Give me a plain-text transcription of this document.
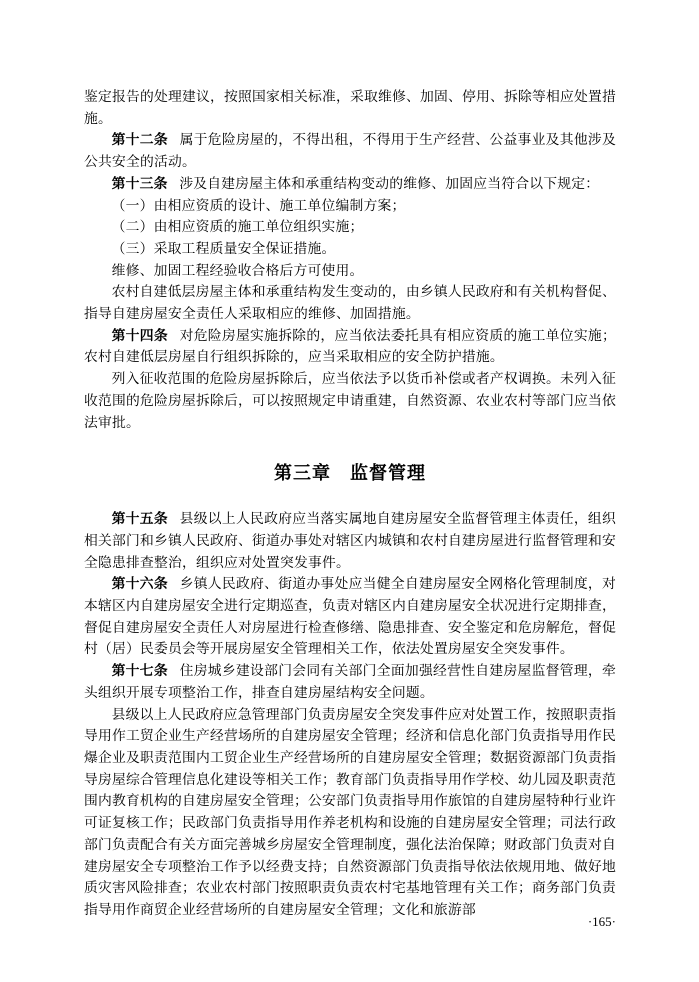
鉴定报告的处理建议，按照国家相关标准，采取维修、加固、停用、拆除等相应处置措施。

第十二条 属于危险房屋的，不得出租，不得用于生产经营、公益事业及其他涉及公共安全的活动。

第十三条 涉及自建房屋主体和承重结构变动的维修、加固应当符合以下规定：

（一）由相应资质的设计、施工单位编制方案；

（二）由相应资质的施工单位组织实施；

（三）采取工程质量安全保证措施。

维修、加固工程经验收合格后方可使用。

农村自建低层房屋主体和承重结构发生变动的，由乡镇人民政府和有关机构督促、指导自建房屋安全责任人采取相应的维修、加固措施。

第十四条 对危险房屋实施拆除的，应当依法委托具有相应资质的施工单位实施；农村自建低层房屋自行组织拆除的，应当采取相应的安全防护措施。

列入征收范围的危险房屋拆除后，应当依法予以货币补偿或者产权调换。未列入征收范围的危险房屋拆除后，可以按照规定申请重建，自然资源、农业农村等部门应当依法审批。

第三章　监督管理

第十五条 县级以上人民政府应当落实属地自建房屋安全监督管理主体责任，组织相关部门和乡镇人民政府、街道办事处对辖区内城镇和农村自建房屋进行监督管理和安全隐患排查整治，组织应对处置突发事件。

第十六条 乡镇人民政府、街道办事处应当健全自建房屋安全网格化管理制度，对本辖区内自建房屋安全进行定期巡查，负责对辖区内自建房屋安全状况进行定期排查，督促自建房屋安全责任人对房屋进行检查修缮、隐患排查、安全鉴定和危房解危，督促村（居）民委员会等开展房屋安全管理相关工作，依法处置房屋安全突发事件。

第十七条 住房城乡建设部门会同有关部门全面加强经营性自建房屋监督管理，牵头组织开展专项整治工作，排查自建房屋结构安全问题。

县级以上人民政府应急管理部门负责房屋安全突发事件应对处置工作，按照职责指导用作工贸企业生产经营场所的自建房屋安全管理；经济和信息化部门负责指导用作民爆企业及职责范围内工贸企业生产经营场所的自建房屋安全管理；数据资源部门负责指导房屋综合管理信息化建设等相关工作；教育部门负责指导用作学校、幼儿园及职责范围内教育机构的自建房屋安全管理；公安部门负责指导用作旅馆的自建房屋特种行业许可证复核工作；民政部门负责指导用作养老机构和设施的自建房屋安全管理；司法行政部门负责配合有关方面完善城乡房屋安全管理制度，强化法治保障；财政部门负责对自建房屋安全专项整治工作予以经费支持；自然资源部门负责指导依法依规用地、做好地质灾害风险排查；农业农村部门按照职责负责农村宅基地管理有关工作；商务部门负责指导用作商贸企业经营场所的自建房屋安全管理；文化和旅游部

·165·
